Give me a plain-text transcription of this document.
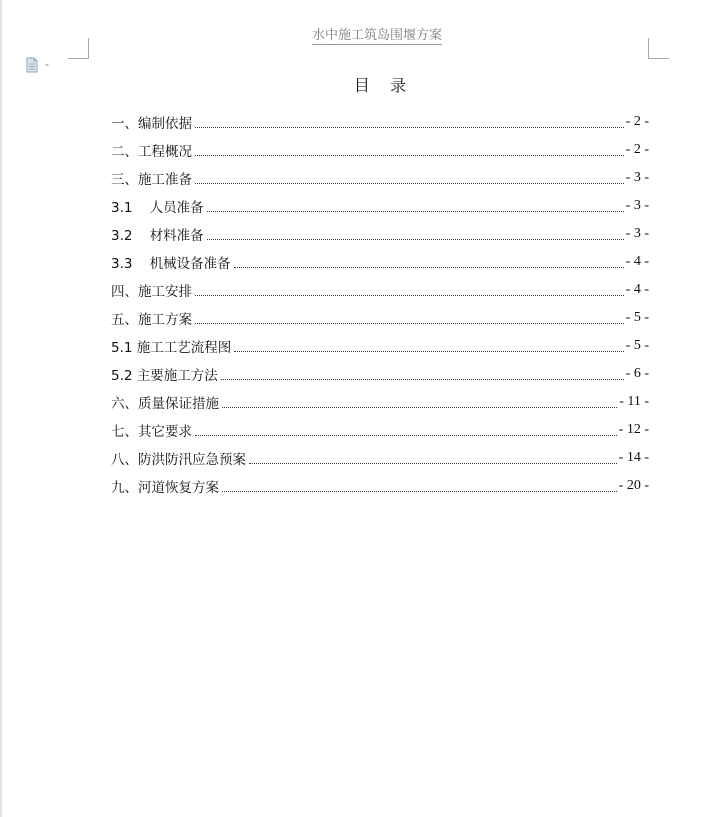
水中施工筑岛围堰方案
目    录
一、编制依据	- 2 -
二、工程概况	- 2 -
三、施工准备	- 3 -
3.1    人员准备	- 3 -
3.2    材料准备	- 3 -
3.3    机械设备准备	- 4 -
四、施工安排	- 4 -
五、施工方案	- 5 -
5.1 施工工艺流程图	- 5 -
5.2 主要施工方法	- 6 -
六、质量保证措施	- 11 -
七、其它要求	- 12 -
八、防洪防汛应急预案	- 14 -
九、河道恢复方案	- 20 -
